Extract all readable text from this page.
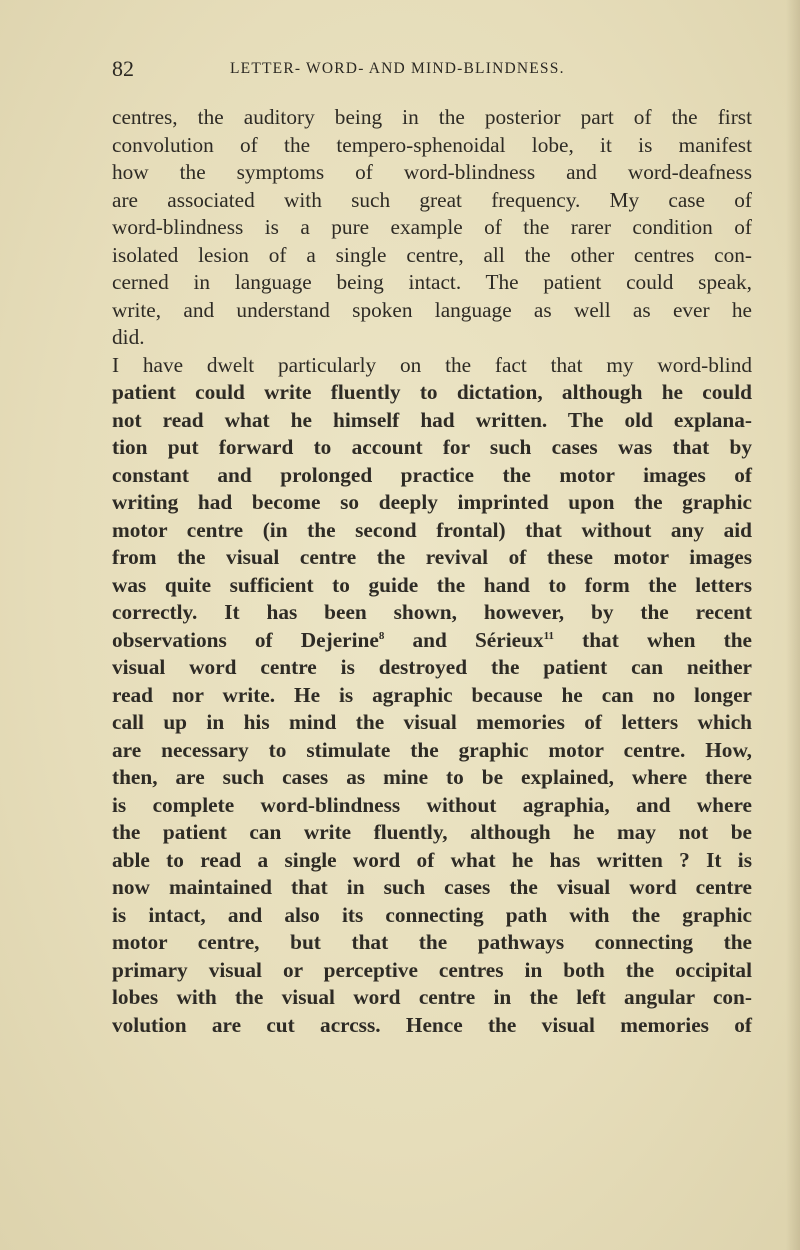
82	LETTER- WORD- AND MIND-BLINDNESS.
centres, the auditory being in the posterior part of the first
convolution of the tempero-sphenoidal lobe, it is manifest
how the symptoms of word-blindness and word-deafness
are associated with such great frequency. My case of
word-blindness is a pure example of the rarer condition of
isolated lesion of a single centre, all the other centres con-
cerned in language being intact. The patient could speak,
write, and understand spoken language as well as ever he
did.
I have dwelt particularly on the fact that my word-blind
patient could write fluently to dictation, although he could
not read what he himself had written. The old explana-
tion put forward to account for such cases was that by
constant and prolonged practice the motor images of
writing had become so deeply imprinted upon the graphic
motor centre (in the second frontal) that without any aid
from the visual centre the revival of these motor images
was quite sufficient to guide the hand to form the letters
correctly. It has been shown, however, by the recent
observations of Dejerine$^8$ and Sérieux$^{11}$ that when the
visual word centre is destroyed the patient can neither
read nor write. He is agraphic because he can no longer
call up in his mind the visual memories of letters which
are necessary to stimulate the graphic motor centre. How,
then, are such cases as mine to be explained, where there
is complete word-blindness without agraphia, and where
the patient can write fluently, although he may not be
able to read a single word of what he has written ? It is
now maintained that in such cases the visual word centre
is intact, and also its connecting path with the graphic
motor centre, but that the pathways connecting the
primary visual or perceptive centres in both the occipital
lobes with the visual word centre in the left angular con-
volution are cut acrcss. Hence the visual memories of
